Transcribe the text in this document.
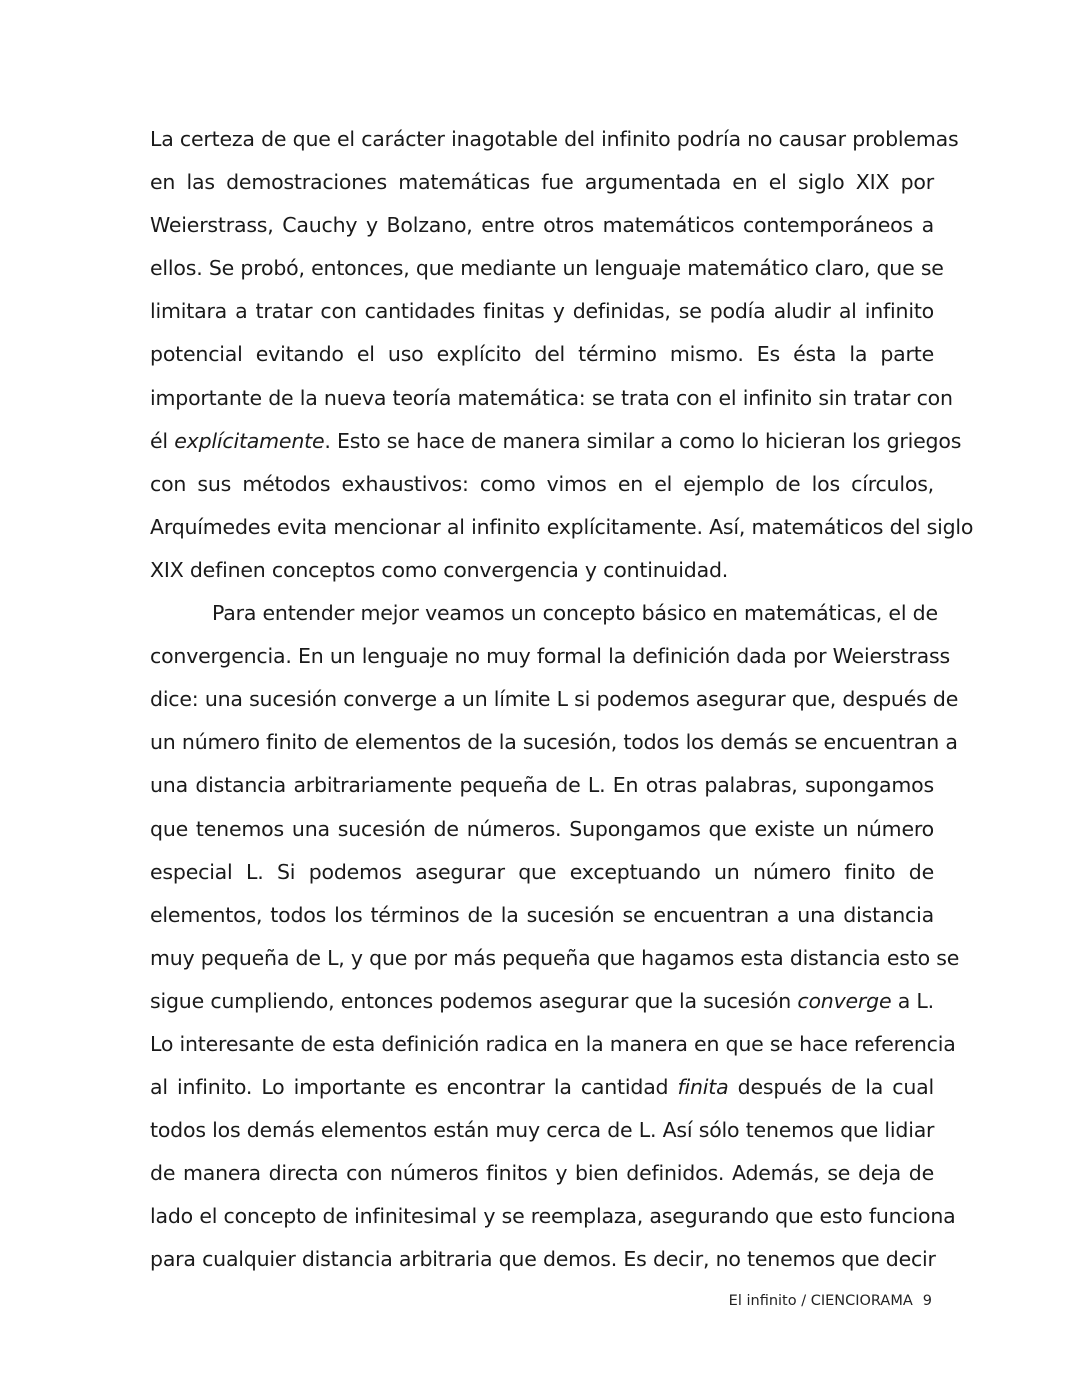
La certeza de que el carácter inagotable del infinito podría no causar problemas
en las demostraciones matemáticas fue argumentada en el siglo XIX por
Weierstrass, Cauchy y Bolzano, entre otros matemáticos contemporáneos a
ellos. Se probó, entonces, que mediante un lenguaje matemático claro, que se
limitara a tratar con cantidades finitas y definidas, se podía aludir al infinito
potencial evitando el uso explícito del término mismo. Es ésta la parte
importante de la nueva teoría matemática: se trata con el infinito sin tratar con
él explícitamente. Esto se hace de manera similar a como lo hicieran los griegos
con sus métodos exhaustivos: como vimos en el ejemplo de los círculos,
Arquímedes evita mencionar al infinito explícitamente. Así, matemáticos del siglo
XIX definen conceptos como convergencia y continuidad.
Para entender mejor veamos un concepto básico en matemáticas, el de
convergencia. En un lenguaje no muy formal la definición dada por Weierstrass
dice: una sucesión converge a un límite L si podemos asegurar que, después de
un número finito de elementos de la sucesión, todos los demás se encuentran a
una distancia arbitrariamente pequeña de L. En otras palabras, supongamos
que tenemos una sucesión de números. Supongamos que existe un número
especial L. Si podemos asegurar que exceptuando un número finito de
elementos, todos los términos de la sucesión se encuentran a una distancia
muy pequeña de L, y que por más pequeña que hagamos esta distancia esto se
sigue cumpliendo, entonces podemos asegurar que la sucesión converge a L.
Lo interesante de esta definición radica en la manera en que se hace referencia
al infinito. Lo importante es encontrar la cantidad finita después de la cual
todos los demás elementos están muy cerca de L. Así sólo tenemos que lidiar
de manera directa con números finitos y bien definidos. Además, se deja de
lado el concepto de infinitesimal y se reemplaza, asegurando que esto funciona
para cualquier distancia arbitraria que demos. Es decir, no tenemos que decir
El infinito / CIENCIORAMA 9
